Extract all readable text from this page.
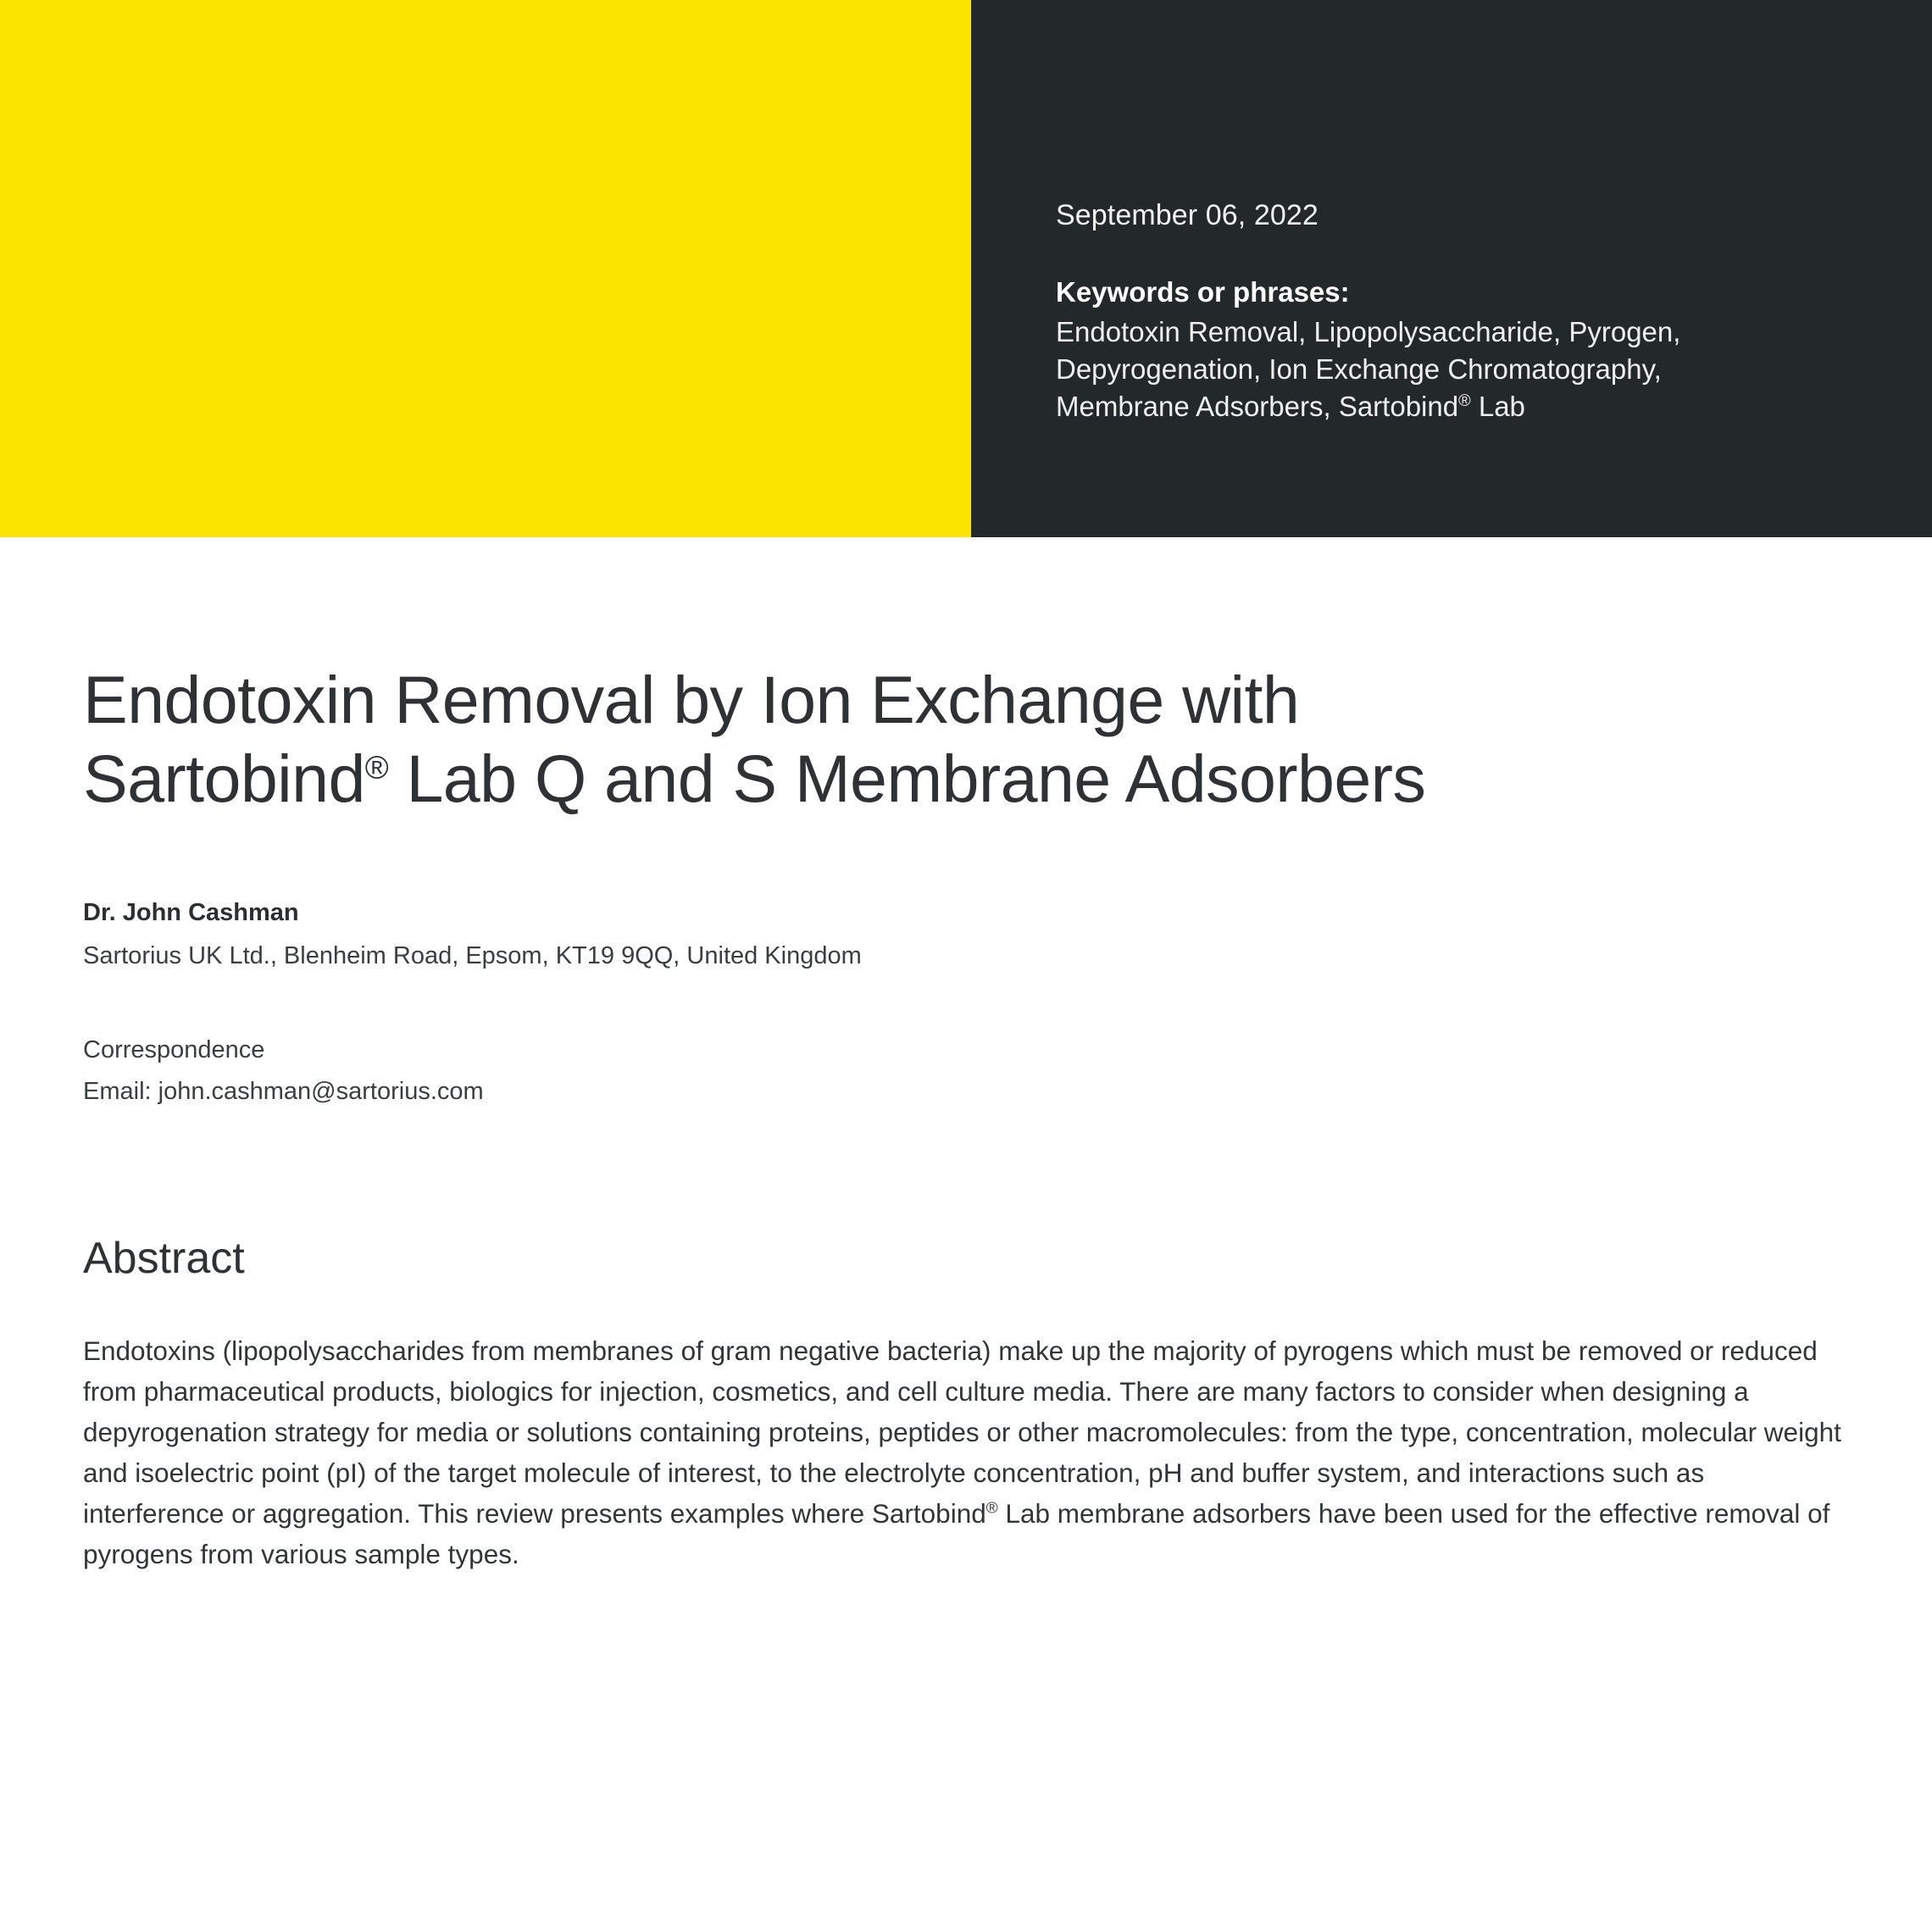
September 06, 2022
Keywords or phrases:
Endotoxin Removal, Lipopolysaccharide, Pyrogen,
Depyrogenation, Ion Exchange Chromatography,
Membrane Adsorbers, Sartobind® Lab
Endotoxin Removal by Ion Exchange with
Sartobind® Lab Q and S Membrane Adsorbers
Dr. John Cashman
Sartorius UK Ltd., Blenheim Road, Epsom, KT19 9QQ, United Kingdom
Correspondence
Email: john.cashman@sartorius.com
Abstract

Endotoxins (lipopolysaccharides from membranes of gram negative bacteria) make up the majority of pyrogens which must be removed or reduced from pharmaceutical products, biologics for injection, cosmetics, and cell culture media. There are many factors to consider when designing a depyrogenation strategy for media or solutions containing proteins, peptides or other macromolecules: from the type, concentration, molecular weight and isoelectric point (pI) of the target molecule of interest, to the electrolyte concentration, pH and buffer system, and interactions such as interference or aggregation. This review presents examples where Sartobind® Lab membrane adsorbers have been used for the effective removal of pyrogens from various sample types.
